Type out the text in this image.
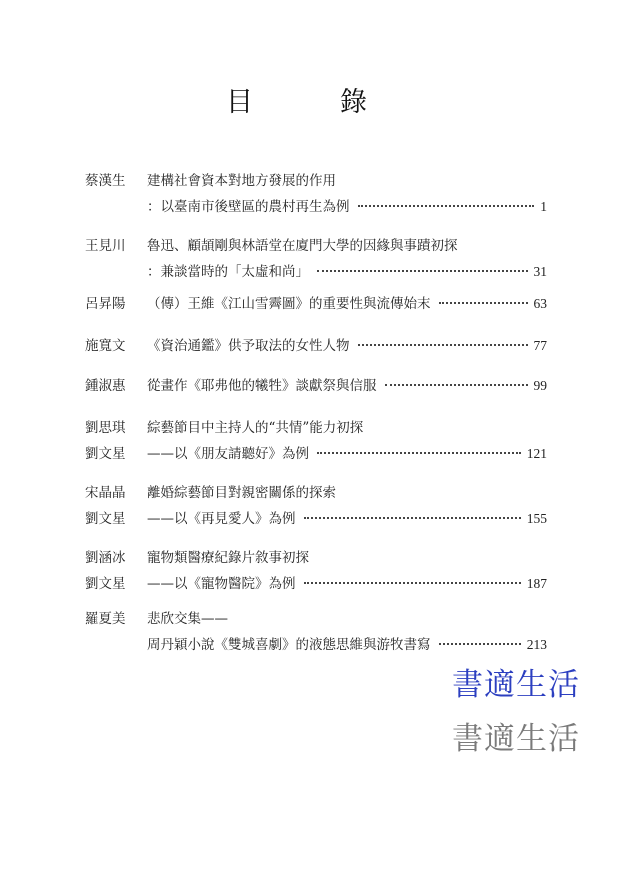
目　錄
蔡漢生	建構社會資本對地方發展的作用
：以臺南市後壁區的農村再生為例	1
王見川	魯迅、顧頡剛與林語堂在廈門大學的因緣與事蹟初探
：兼談當時的「太虛和尚」	31
呂昇陽	（傳）王維《江山雪霽圖》的重要性與流傳始末	63
施寬文	《資治通鑑》供予取法的女性人物	77
鍾淑惠	從畫作《耶弗他的犧牲》談獻祭與信服	99
劉思琪	綜藝節目中主持人的“共情”能力初探
劉文星	——以《朋友請聽好》為例	121
宋晶晶	離婚綜藝節目對親密關係的探索
劉文星	——以《再見愛人》為例	155
劉涵冰	寵物類醫療紀錄片敘事初探
劉文星	——以《寵物醫院》為例	187
羅夏美	悲欣交集——
周丹穎小說《雙城喜劇》的液態思維與游牧書寫	213
書適生活
書適生活
